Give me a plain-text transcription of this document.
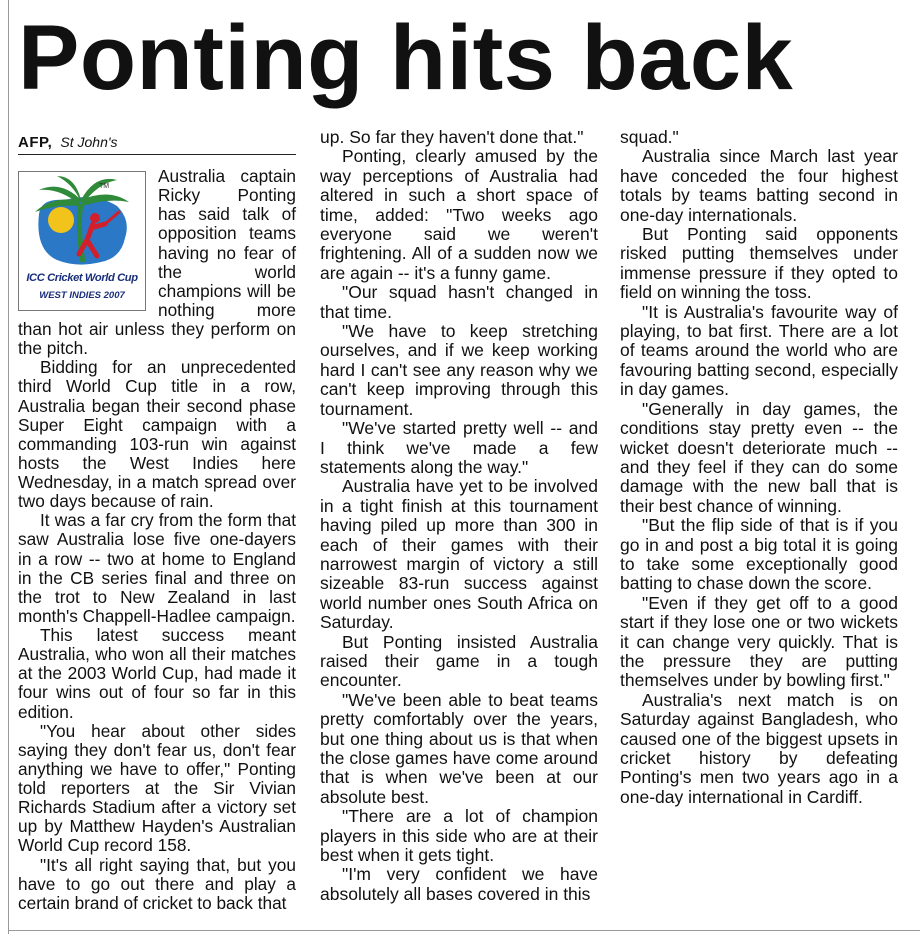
Ponting hits back
AFP, St John's
TM
ICC Cricket World Cup
WEST INDIES 2007

Australia captain Ricky Ponting has said talk of opposition teams having no fear of the world champions will be nothing more than hot air unless they perform on the pitch.

Bidding for an unprecedented third World Cup title in a row, Australia began their second phase Super Eight campaign with a commanding 103-run win against hosts the West Indies here Wednesday, in a match spread over two days because of rain.

It was a far cry from the form that saw Australia lose five one-dayers in a row -- two at home to England in the CB series final and three on the trot to New Zealand in last month's Chappell-Hadlee campaign.

This latest success meant Australia, who won all their matches at the 2003 World Cup, had made it four wins out of four so far in this edition.

"You hear about other sides saying they don't fear us, don't fear anything we have to offer," Ponting told reporters at the Sir Vivian Richards Stadium after a victory set up by Matthew Hayden's Australian World Cup record 158.

"It's all right saying that, but you have to go out there and play a certain brand of cricket to back that

up. So far they haven't done that."

Ponting, clearly amused by the way perceptions of Australia had altered in such a short space of time, added: "Two weeks ago everyone said we weren't frightening. All of a sudden now we are again -- it's a funny game.

"Our squad hasn't changed in that time.

"We have to keep stretching ourselves, and if we keep working hard I can't see any reason why we can't keep improving through this tournament.

"We've started pretty well -- and I think we've made a few statements along the way."

Australia have yet to be involved in a tight finish at this tournament having piled up more than 300 in each of their games with their narrowest margin of victory a still sizeable 83-run success against world number ones South Africa on Saturday.

But Ponting insisted Australia raised their game in a tough encounter.

"We've been able to beat teams pretty comfortably over the years, but one thing about us is that when the close games have come around that is when we've been at our absolute best.

"There are a lot of champion players in this side who are at their best when it gets tight.

"I'm very confident we have absolutely all bases covered in this

squad."

Australia since March last year have conceded the four highest totals by teams batting second in one-day internationals.

But Ponting said opponents risked putting themselves under immense pressure if they opted to field on winning the toss.

"It is Australia's favourite way of playing, to bat first. There are a lot of teams around the world who are favouring batting second, especially in day games.

"Generally in day games, the conditions stay pretty even -- the wicket doesn't deteriorate much -- and they feel if they can do some damage with the new ball that is their best chance of winning.

"But the flip side of that is if you go in and post a big total it is going to take some exceptionally good batting to chase down the score.

"Even if they get off to a good start if they lose one or two wickets it can change very quickly. That is the pressure they are putting themselves under by bowling first."

Australia's next match is on Saturday against Bangladesh, who caused one of the biggest upsets in cricket history by defeating Ponting's men two years ago in a one-day international in Cardiff.
